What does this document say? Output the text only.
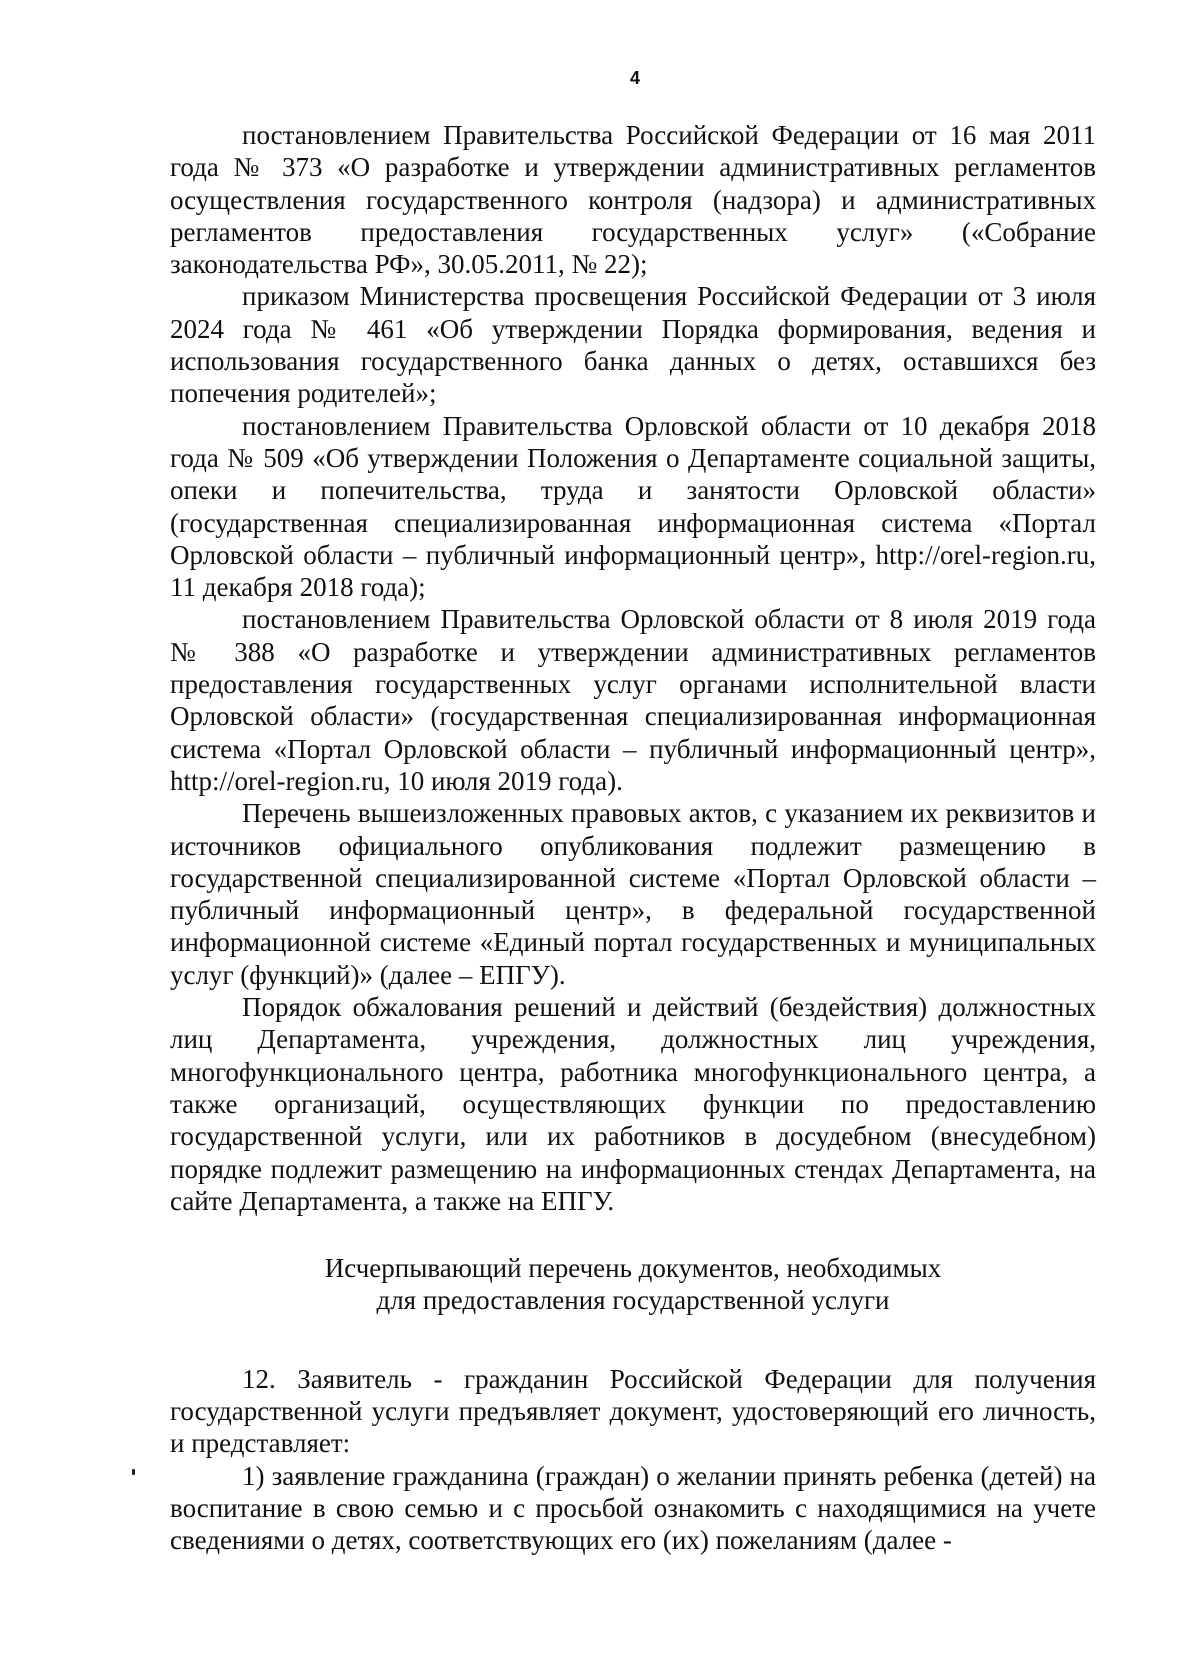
4

постановлением Правительства Российской Федерации от 16 мая 2011 года № 373 «О разработке и утверждении административных регламентов осуществления государственного контроля (надзора) и административных регламентов предоставления государственных услуг» («Собрание законодательства РФ», 30.05.2011, № 22);

приказом Министерства просвещения Российской Федерации от 3 июля 2024 года № 461 «Об утверждении Порядка формирования, ведения и использования государственного банка данных о детях, оставшихся без попечения родителей»;

постановлением Правительства Орловской области от 10 декабря 2018 года № 509 «Об утверждении Положения о Департаменте социальной защиты, опеки и попечительства, труда и занятости Орловской области» (государственная специализированная информационная система «Портал Орловской области – публичный информационный центр», http://orel-region.ru, 11 декабря 2018 года);

постановлением Правительства Орловской области от 8 июля 2019 года № 388 «О разработке и утверждении административных регламентов предоставления государственных услуг органами исполнительной власти Орловской области» (государственная специализированная информационная система «Портал Орловской области – публичный информационный центр», http://orel-region.ru, 10 июля 2019 года).

Перечень вышеизложенных правовых актов, с указанием их реквизитов и источников официального опубликования подлежит размещению в государственной специализированной системе «Портал Орловской области – публичный информационный центр», в федеральной государственной информационной системе «Единый портал государственных и муниципальных услуг (функций)» (далее – ЕПГУ).

Порядок обжалования решений и действий (бездействия) должностных лиц Департамента, учреждения, должностных лиц учреждения, многофункционального центра, работника многофункционального центра, а также организаций, осуществляющих функции по предоставлению государственной услуги, или их работников в досудебном (внесудебном) порядке подлежит размещению на информационных стендах Департамента, на сайте Департамента, а также на ЕПГУ.

Исчерпывающий перечень документов, необходимых
для предоставления государственной услуги

12. Заявитель - гражданин Российской Федерации для получения государственной услуги предъявляет документ, удостоверяющий его личность, и представляет:

1) заявление гражданина (граждан) о желании принять ребенка (детей) на воспитание в свою семью и с просьбой ознакомить с находящимися на учете сведениями о детях, соответствующих его (их) пожеланиям (далее -
